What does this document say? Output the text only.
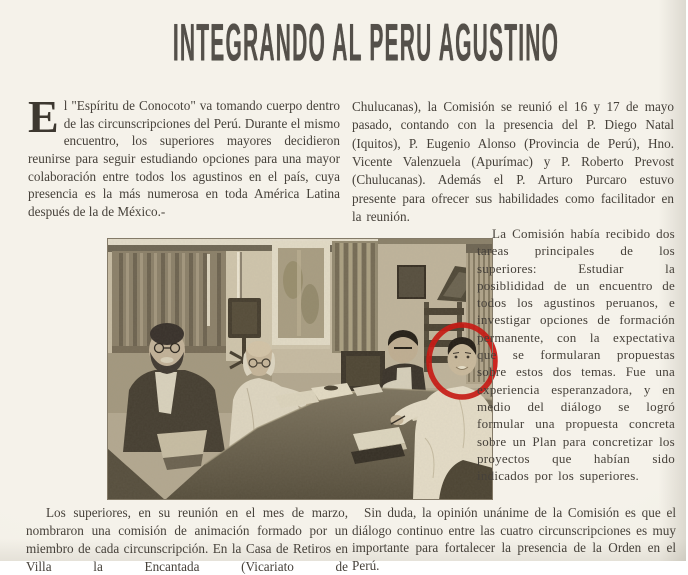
INTEGRANDO AL PERU AGUSTINO

El "Espíritu de Conocoto" va tomando cuerpo dentro de las circunscripciones del Perú. Durante el mismo encuentro, los superiores mayores decidieron reunirse para seguir estudiando opciones para una mayor colaboración entre todos los agustinos en el país, cuya presencia es la más numerosa en toda América Latina después de la de México.-

Chulucanas), la Comisión se reunió el 16 y 17 de mayo pasado, contando con la presencia del P. Diego Natal (Iquitos), P. Eugenio Alonso (Provincia de Perú), Hno. Vicente Valenzuela (Apurímac) y P. Roberto Prevost (Chulucanas). Además el P. Arturo Purcaro estuvo presente para ofrecer sus habilidades como facilitador en la reunión.

La Comisión había recibido dos tareas principales de los superiores: Estudiar la posiblididad de un encuentro de todos los agustinos peruanos, e investigar opciones de formación permanente, con la expectativa que se formularan propuestas sobre estos dos temas. Fue una experiencia esperanzadora, y en medio del diálogo se logró formular una propuesta concreta sobre un Plan para concretizar los proyectos que habían sido indicados por los superiores.

Los superiores, en su reunión en el mes de marzo, nombraron una comisión de animación formado por un miembro de cada circunscripción. En la Casa de Retiros en Villa la Encantada (Vicariato de

Sin duda, la opinión unánime de la Comisión es que el diálogo continuo entre las cuatro circunscripciones es muy importante para fortalecer la presencia de la Orden en el Perú.
